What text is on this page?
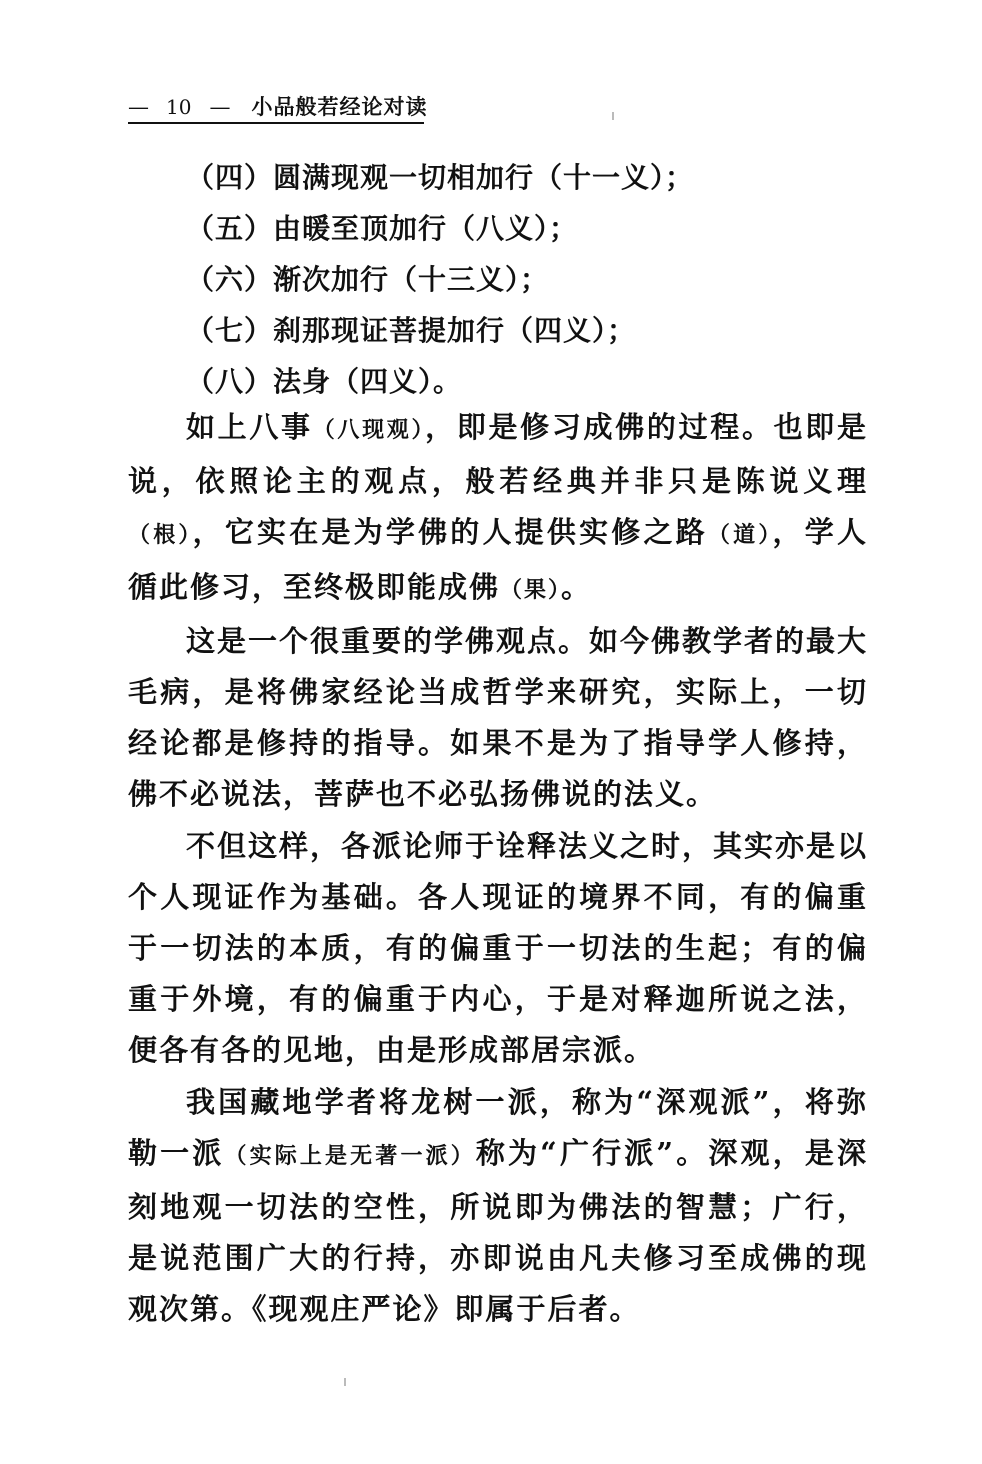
— 10 — 小品般若经论对读
（四）圆满现观一切相加行（十一义）；
（五）由暖至顶加行（八义）；
（六）渐次加行（十三义）；
（七）刹那现证菩提加行（四义）；
（八）法身（四义）。

如上八事（八现观），即是修习成佛的过程。也即是说，依照论主的观点，般若经典并非只是陈说义理（根），它实在是为学佛的人提供实修之路（道），学人循此修习，至终极即能成佛（果）。

这是一个很重要的学佛观点。如今佛教学者的最大毛病，是将佛家经论当成哲学来研究，实际上，一切经论都是修持的指导。如果不是为了指导学人修持，佛不必说法，菩萨也不必弘扬佛说的法义。

不但这样，各派论师于诠释法义之时，其实亦是以个人现证作为基础。各人现证的境界不同，有的偏重于一切法的本质，有的偏重于一切法的生起；有的偏重于外境，有的偏重于内心，于是对释迦所说之法，便各有各的见地，由是形成部居宗派。

我国藏地学者将龙树一派，称为“深观派”，将弥勒一派（实际上是无著一派）称为“广行派”。深观，是深刻地观一切法的空性，所说即为佛法的智慧；广行，是说范围广大的行持，亦即说由凡夫修习至成佛的现观次第。《现观庄严论》即属于后者。
